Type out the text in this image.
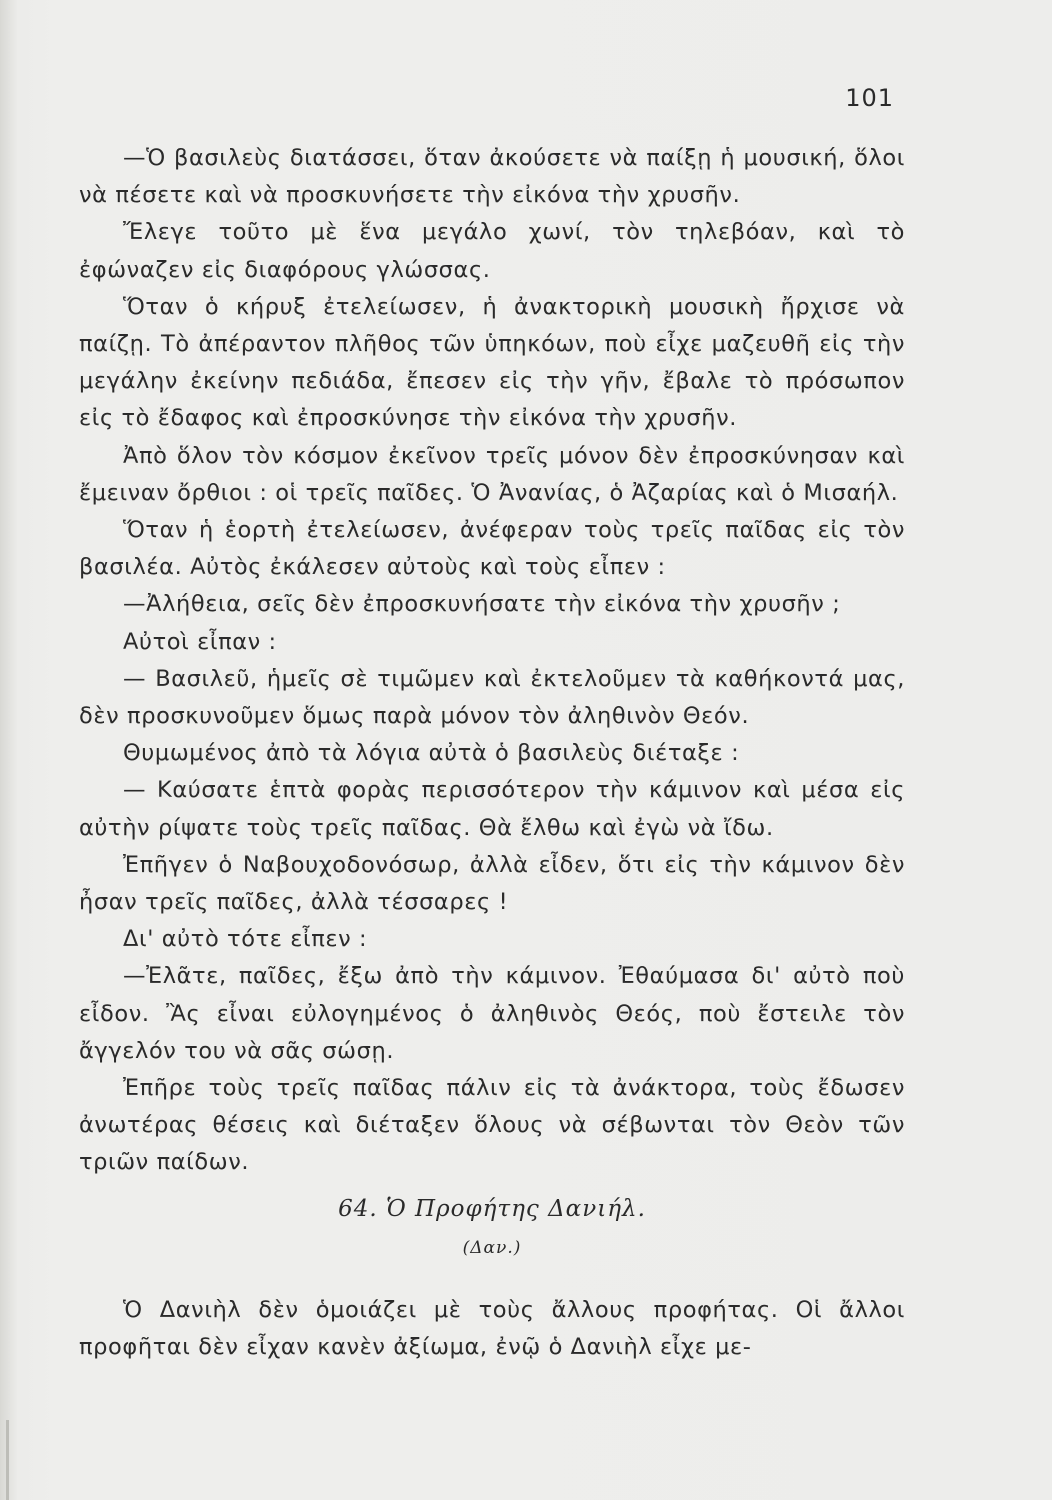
101

—Ὁ βασιλεὺς διατάσσει, ὅταν ἀκούσετε νὰ παίξῃ ἡ μουσική, ὅλοι νὰ πέσετε καὶ νὰ προσκυνήσετε τὴν εἰκόνα τὴν χρυσῆν.

Ἔλεγε τοῦτο μὲ ἕνα μεγάλο χωνί, τὸν τηλεβόαν, καὶ τὸ ἐφώναζεν εἰς διαφόρους γλώσσας.

Ὅταν ὁ κήρυξ ἐτελείωσεν, ἡ ἀνακτορικὴ μουσικὴ ἤρχισε νὰ παίζῃ. Τὸ ἀπέραντον πλῆθος τῶν ὑπηκόων, ποὺ εἶχε μαζευθῆ εἰς τὴν μεγάλην ἐκείνην πεδιάδα, ἔπεσεν εἰς τὴν γῆν, ἔβαλε τὸ πρόσωπον εἰς τὸ ἔδαφος καὶ ἐπροσκύνησε τὴν εἰκόνα τὴν χρυσῆν.

Ἀπὸ ὅλον τὸν κόσμον ἐκεῖνον τρεῖς μόνον δὲν ἐπροσκύνησαν καὶ ἔμειναν ὄρθιοι : οἱ τρεῖς παῖδες. Ὁ Ἀνανίας, ὁ Ἀζαρίας καὶ ὁ Μισαήλ.

Ὅταν ἡ ἑορτὴ ἐτελείωσεν, ἀνέφεραν τοὺς τρεῖς παῖδας εἰς τὸν βασιλέα. Αὐτὸς ἐκάλεσεν αὐτοὺς καὶ τοὺς εἶπεν :

—Ἀλήθεια, σεῖς δὲν ἐπροσκυνήσατε τὴν εἰκόνα τὴν χρυσῆν ;

Αὐτοὶ εἶπαν :

— Βασιλεῦ, ἡμεῖς σὲ τιμῶμεν καὶ ἐκτελοῦμεν τὰ καθήκοντά μας, δὲν προσκυνοῦμεν ὅμως παρὰ μόνον τὸν ἀληθινὸν Θεόν.

Θυμωμένος ἀπὸ τὰ λόγια αὐτὰ ὁ βασιλεὺς διέταξε :

— Καύσατε ἑπτὰ φορὰς περισσότερον τὴν κάμινον καὶ μέσα εἰς αὐτὴν ρίψατε τοὺς τρεῖς παῖδας. Θὰ ἔλθω καὶ ἐγὼ νὰ ἴδω.

Ἐπῆγεν ὁ Ναβουχοδονόσωρ, ἀλλὰ εἶδεν, ὅτι εἰς τὴν κάμινον δὲν ἦσαν τρεῖς παῖδες, ἀλλὰ τέσσαρες !

Δι' αὐτὸ τότε εἶπεν :

—Ἐλᾶτε, παῖδες, ἔξω ἀπὸ τὴν κάμινον. Ἐθαύμασα δι' αὐτὸ ποὺ εἶδον. Ἂς εἶναι εὐλογημένος ὁ ἀληθινὸς Θεός, ποὺ ἔστειλε τὸν ἄγγελόν του νὰ σᾶς σώσῃ.

Ἐπῆρε τοὺς τρεῖς παῖδας πάλιν εἰς τὰ ἀνάκτορα, τοὺς ἔδωσεν ἀνωτέρας θέσεις καὶ διέταξεν ὅλους νὰ σέβωνται τὸν Θεὸν τῶν τριῶν παίδων.

64. Ὁ Προφήτης Δανιήλ.
(Δαν.)

Ὁ Δανιὴλ δὲν ὁμοιάζει μὲ τοὺς ἄλλους προφήτας. Οἱ ἄλλοι προφῆται δὲν εἶχαν κανὲν ἀξίωμα, ἐνῷ ὁ Δανιὴλ εἶχε με-
